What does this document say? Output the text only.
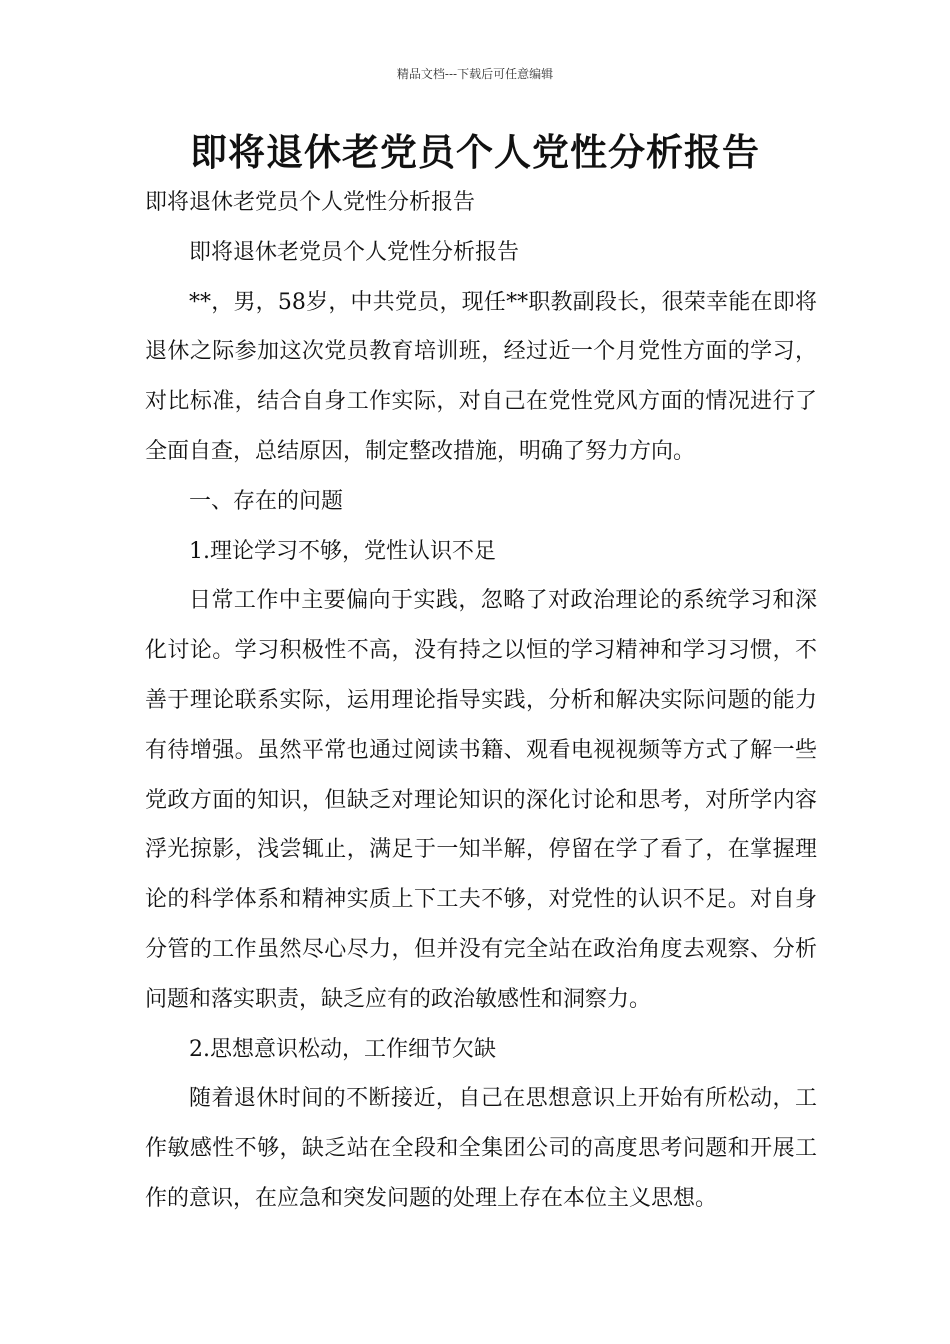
精品文档---下载后可任意编辑
即将退休老党员个人党性分析报告

即将退休老党员个人党性分析报告

即将退休老党员个人党性分析报告

**，男，58岁，中共党员，现任**职教副段长，很荣幸能在即将退休之际参加这次党员教育培训班，经过近一个月党性方面的学习，对比标准，结合自身工作实际，对自己在党性党风方面的情况进行了全面自查，总结原因，制定整改措施，明确了努力方向。

一、存在的问题

1.理论学习不够，党性认识不足

日常工作中主要偏向于实践，忽略了对政治理论的系统学习和深化讨论。学习积极性不高，没有持之以恒的学习精神和学习习惯，不善于理论联系实际，运用理论指导实践，分析和解决实际问题的能力有待增强。虽然平常也通过阅读书籍、观看电视视频等方式了解一些党政方面的知识，但缺乏对理论知识的深化讨论和思考，对所学内容浮光掠影，浅尝辄止，满足于一知半解，停留在学了看了，在掌握理论的科学体系和精神实质上下工夫不够，对党性的认识不足。对自身分管的工作虽然尽心尽力，但并没有完全站在政治角度去观察、分析问题和落实职责，缺乏应有的政治敏感性和洞察力。

2.思想意识松动，工作细节欠缺

随着退休时间的不断接近，自己在思想意识上开始有所松动，工作敏感性不够，缺乏站在全段和全集团公司的高度思考问题和开展工作的意识，在应急和突发问题的处理上存在本位主义思想。
